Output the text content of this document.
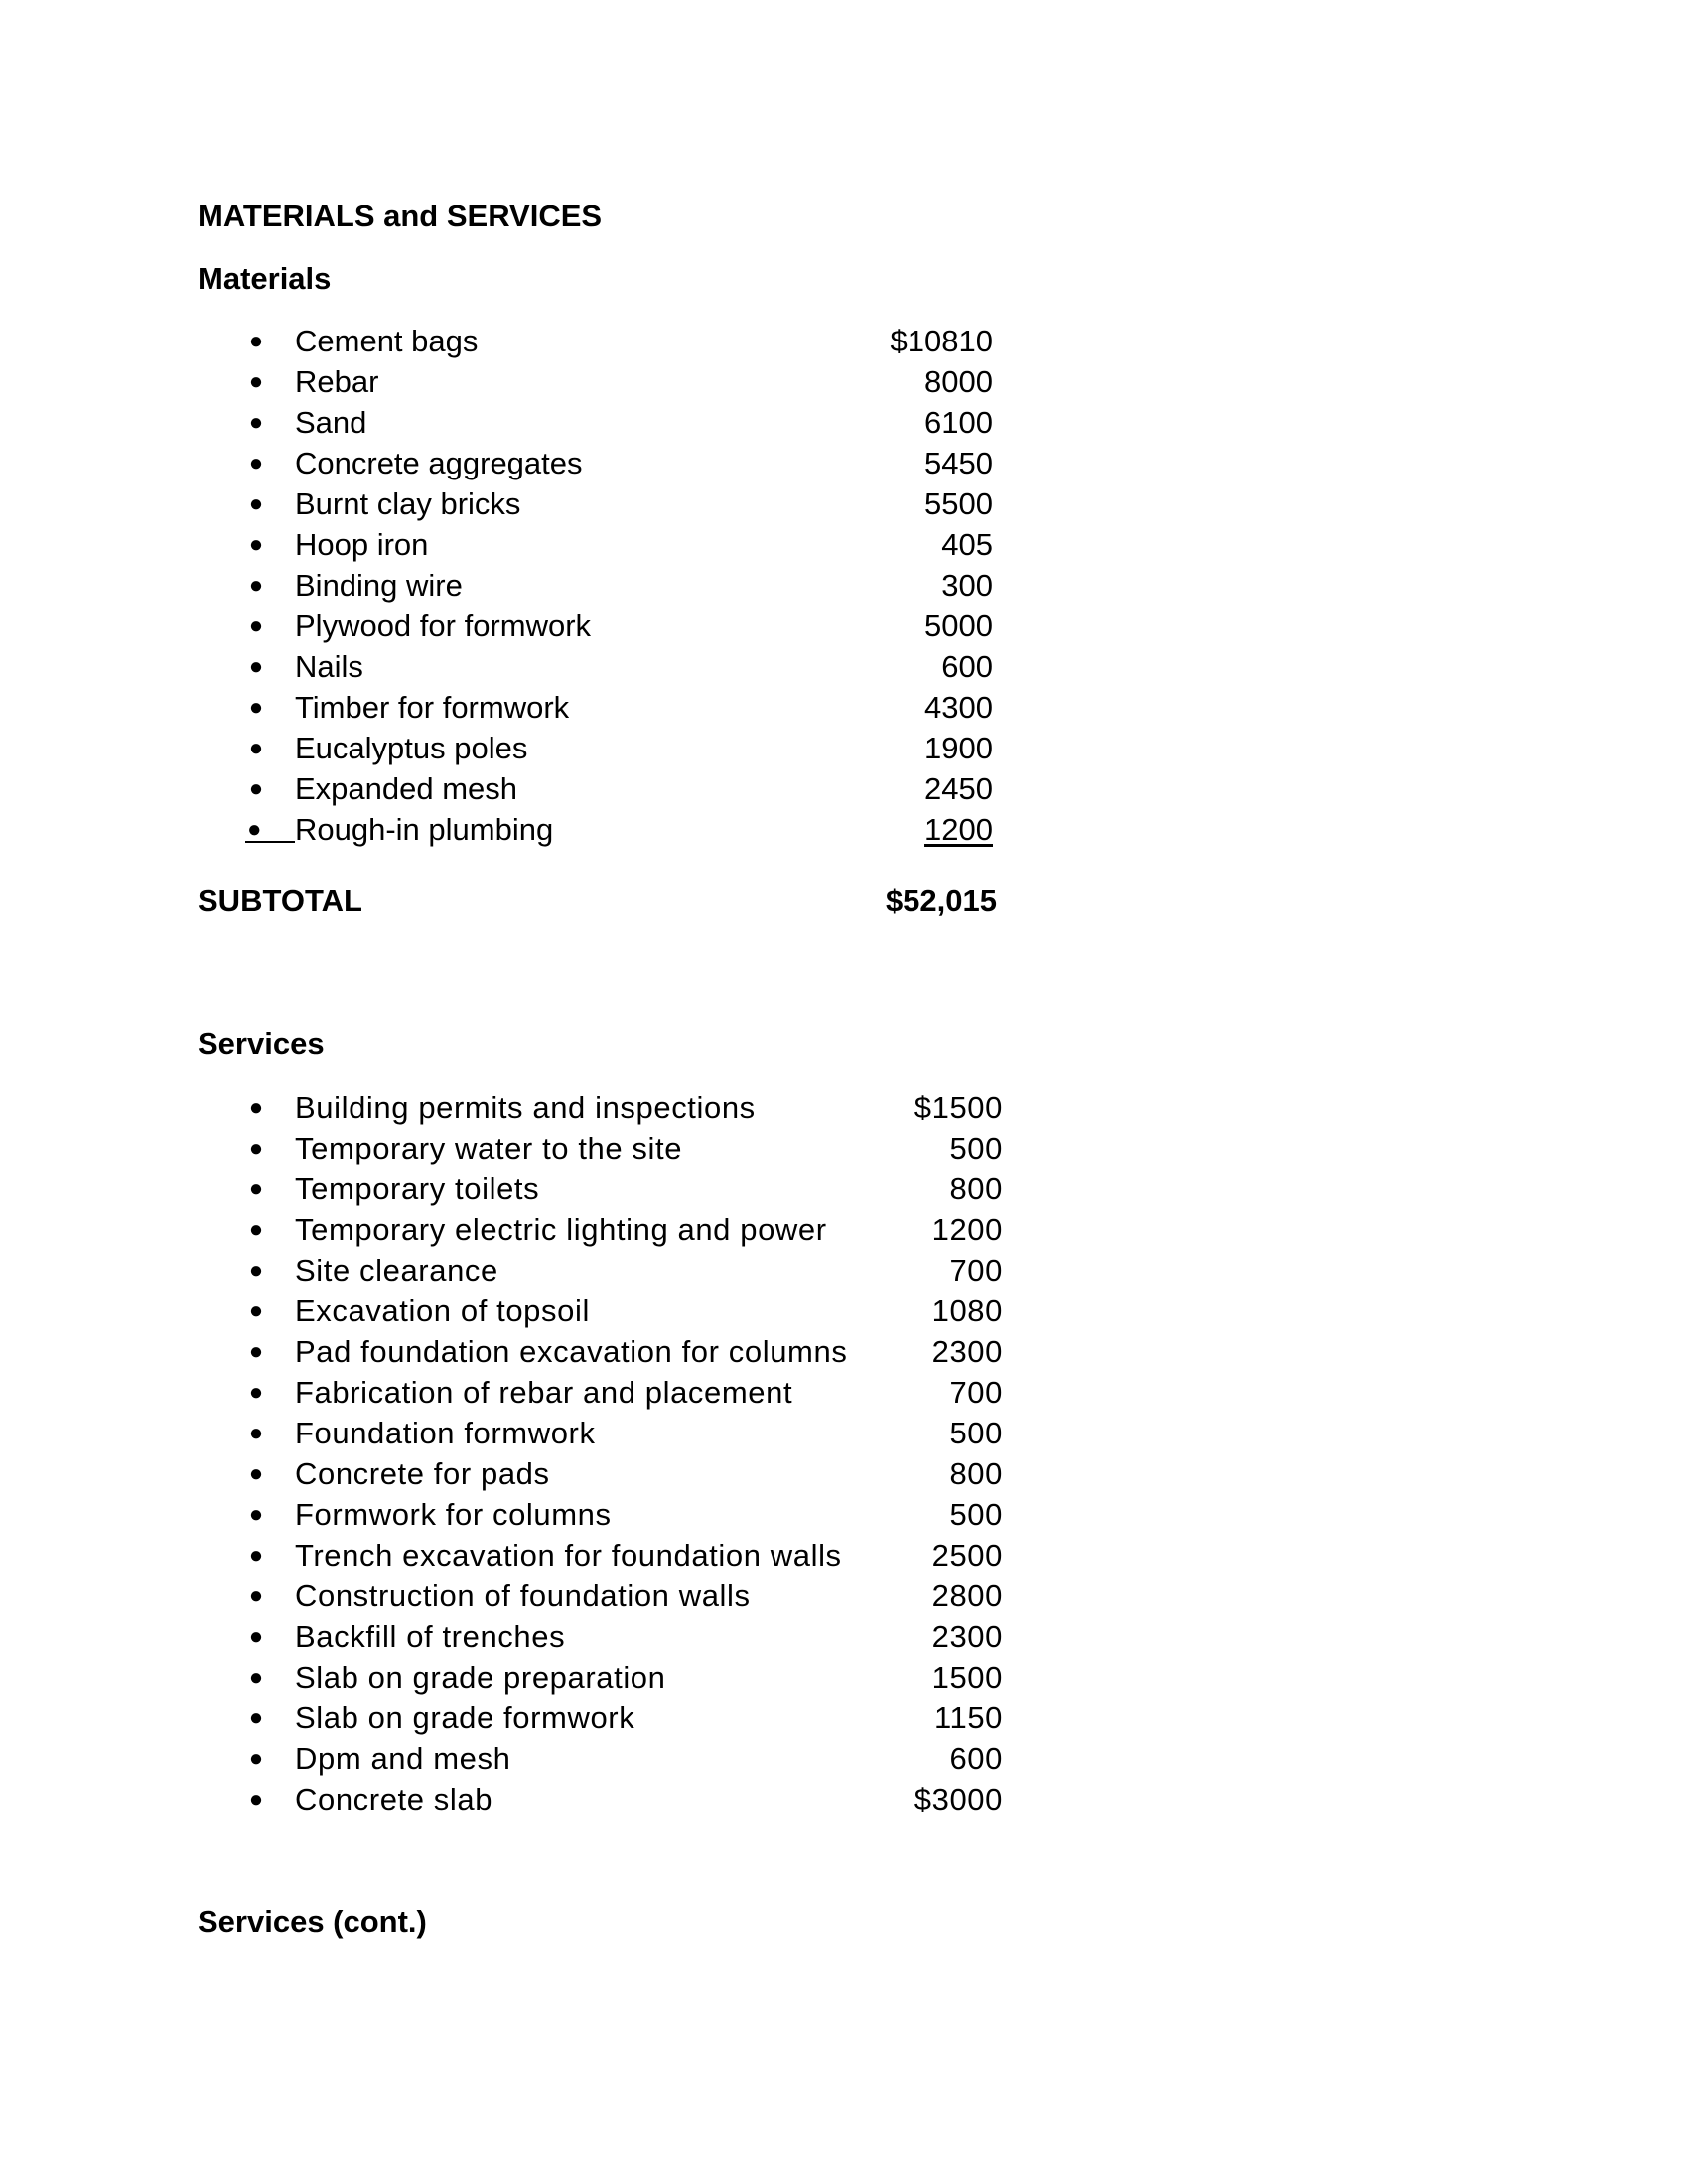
MATERIALS and SERVICES
Materials
● Cement bags	$10810
● Rebar	8000
● Sand	6100
● Concrete aggregates	5450
● Burnt clay bricks	5500
● Hoop iron	405
● Binding wire	300
● Plywood for formwork	5000
● Nails	600
● Timber for formwork	4300
● Eucalyptus poles	1900
● Expanded mesh	2450
●	Rough-in plumbing	1200
SUBTOTAL	$52,015
Services
● Building permits and inspections	$1500
● Temporary water to the site	500
● Temporary toilets	800
● Temporary electric lighting and power	1200
● Site clearance	700
● Excavation of topsoil	1080
● Pad foundation excavation for columns	2300
● Fabrication of rebar and placement	700
● Foundation formwork	500
● Concrete for pads	800
● Formwork for columns	500
● Trench excavation for foundation walls	2500
● Construction of foundation walls	2800
● Backfill of trenches	2300
● Slab on grade preparation	1500
● Slab on grade formwork	1150
● Dpm and mesh	600
● Concrete slab	$3000
Services (cont.)
